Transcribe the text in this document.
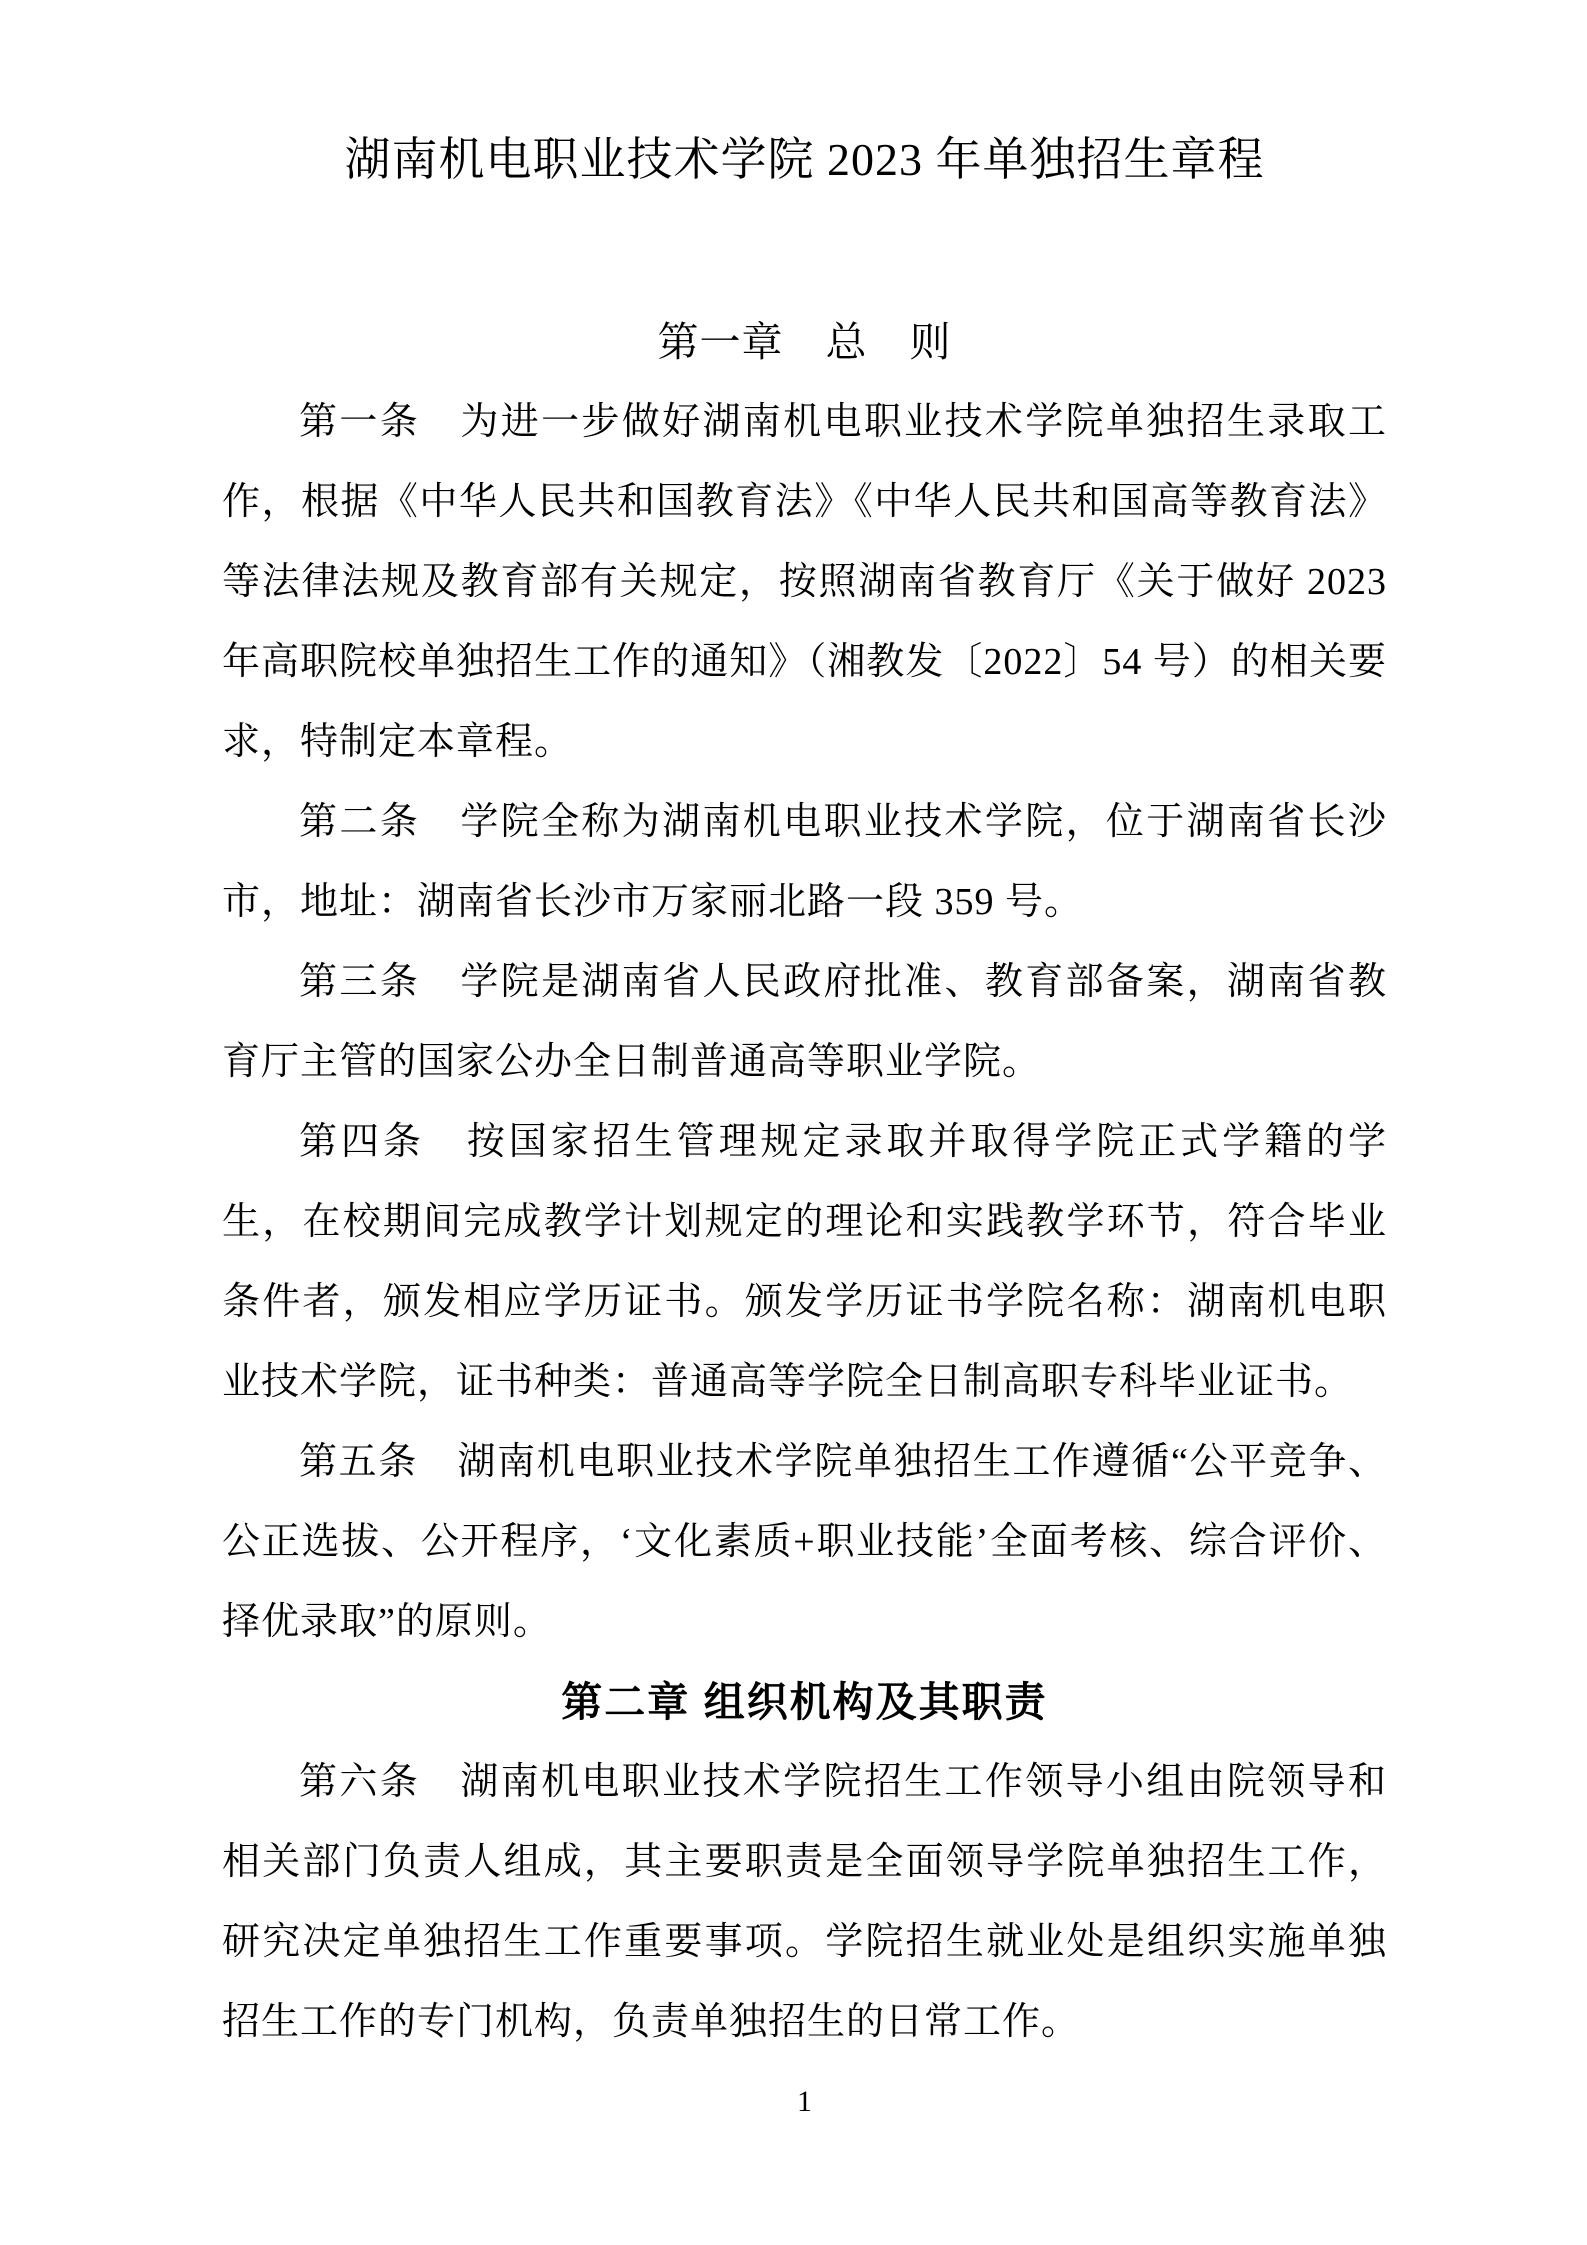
湖南机电职业技术学院 2023 年单独招生章程
第一章　总　则

第一条　为进一步做好湖南机电职业技术学院单独招生录取工作，根据《中华人民共和国教育法》《中华人民共和国高等教育法》等法律法规及教育部有关规定，按照湖南省教育厅《关于做好 2023 年高职院校单独招生工作的通知》（湘教发〔2022〕54 号）的相关要求，特制定本章程。

第二条　学院全称为湖南机电职业技术学院，位于湖南省长沙市，地址：湖南省长沙市万家丽北路一段 359 号。

第三条　学院是湖南省人民政府批准、教育部备案，湖南省教育厅主管的国家公办全日制普通高等职业学院。

第四条　按国家招生管理规定录取并取得学院正式学籍的学生，在校期间完成教学计划规定的理论和实践教学环节，符合毕业条件者，颁发相应学历证书。颁发学历证书学院名称：湖南机电职业技术学院，证书种类：普通高等学院全日制高职专科毕业证书。

第五条　湖南机电职业技术学院单独招生工作遵循“公平竞争、公正选拔、公开程序，‘文化素质+职业技能’全面考核、综合评价、择优录取”的原则。

第二章 组织机构及其职责

第六条　湖南机电职业技术学院招生工作领导小组由院领导和相关部门负责人组成，其主要职责是全面领导学院单独招生工作，研究决定单独招生工作重要事项。学院招生就业处是组织实施单独招生工作的专门机构，负责单独招生的日常工作。

1
